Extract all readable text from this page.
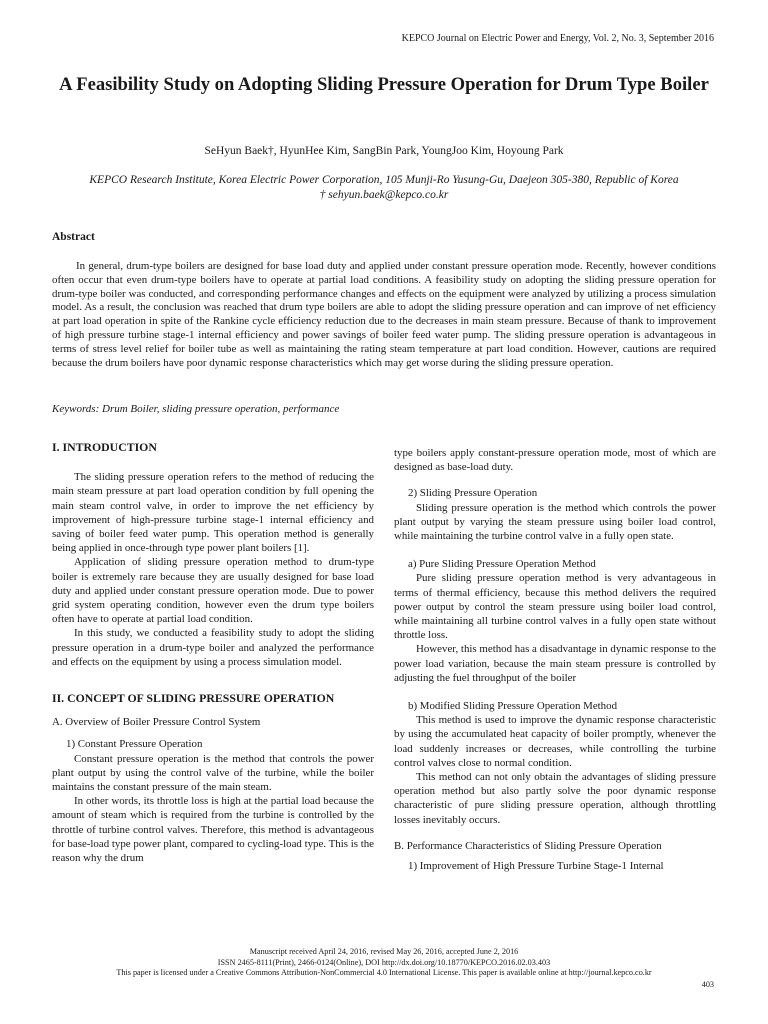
KEPCO Journal on Electric Power and Energy, Vol. 2, No. 3, September 2016
A Feasibility Study on Adopting Sliding Pressure Operation for Drum Type Boiler
SeHyun Baek†, HyunHee Kim, SangBin Park, YoungJoo Kim, Hoyoung Park
KEPCO Research Institute, Korea Electric Power Corporation, 105 Munji-Ro Yusung-Gu, Daejeon 305-380, Republic of Korea
† sehyun.baek@kepco.co.kr
Abstract

In general, drum-type boilers are designed for base load duty and applied under constant pressure operation mode. Recently, however conditions often occur that even drum-type boilers have to operate at partial load conditions. A feasibility study on adopting the sliding pressure operation for drum-type boiler was conducted, and corresponding performance changes and effects on the equipment were analyzed by utilizing a process simulation model. As a result, the conclusion was reached that drum type boilers are able to adopt the sliding pressure operation and can improve of net efficiency at part load operation in spite of the Rankine cycle efficiency reduction due to the decreases in main steam pressure. Because of thank to improvement of high pressure turbine stage-1 internal efficiency and power savings of boiler feed water pump. The sliding pressure operation is advantageous in terms of stress level relief for boiler tube as well as maintaining the rating steam temperature at part load condition. However, cautions are required because the drum boilers have poor dynamic response characteristics which may get worse during the sliding pressure operation.

Keywords: Drum Boiler, sliding pressure operation, performance

I. INTRODUCTION

The sliding pressure operation refers to the method of reducing the main steam pressure at part load operation condition by full opening the main steam control valve, in order to improve the net efficiency by improvement of high-pressure turbine stage-1 internal efficiency and saving of boiler feed water pump. This operation method is generally being applied in once-through type power plant boilers [1].

Application of sliding pressure operation method to drum-type boiler is extremely rare because they are usually designed for base load duty and applied under constant pressure operation mode. Due to power grid system operating condition, however even the drum type boilers often have to operate at partial load condition.

In this study, we conducted a feasibility study to adopt the sliding pressure operation in a drum-type boiler and analyzed the performance and effects on the equipment by using a process simulation model.

II. CONCEPT OF SLIDING PRESSURE OPERATION

A. Overview of Boiler Pressure Control System

1) Constant Pressure Operation

Constant pressure operation is the method that controls the power plant output by using the control valve of the turbine, while the boiler maintains the constant pressure of the main steam.

In other words, its throttle loss is high at the partial load because the amount of steam which is required from the turbine is controlled by the throttle of turbine control valves. Therefore, this method is advantageous for base-load type power plant, compared to cycling-load type. This is the reason why the drum

type boilers apply constant-pressure operation mode, most of which are designed as base-load duty.

2) Sliding Pressure Operation

Sliding pressure operation is the method which controls the power plant output by varying the steam pressure using boiler load control, while maintaining the turbine control valve in a fully open state.

a) Pure Sliding Pressure Operation Method

Pure sliding pressure operation method is very advantageous in terms of thermal efficiency, because this method delivers the required power output by control the steam pressure using boiler load control, while maintaining all turbine control valves in a fully open state without throttle loss.

However, this method has a disadvantage in dynamic response to the power load variation, because the main steam pressure is controlled by adjusting the fuel throughput of the boiler

b) Modified Sliding Pressure Operation Method

This method is used to improve the dynamic response characteristic by using the accumulated heat capacity of boiler promptly, whenever the load suddenly increases or decreases, while controlling the turbine control valves close to normal condition.

This method can not only obtain the advantages of sliding pressure operation method but also partly solve the poor dynamic response characteristic of pure sliding pressure operation, although throttling losses inevitably occurs.

B. Performance Characteristics of Sliding Pressure Operation

1) Improvement of High Pressure Turbine Stage-1 Internal

Manuscript received April 24, 2016, revised May 26, 2016, accepted June 2, 2016
ISSN 2465-8111(Print), 2466-0124(Online), DOI http://dx.doi.org/10.18770/KEPCO.2016.02.03.403
This paper is licensed under a Creative Commons Attribution-NonCommercial 4.0 International License. This paper is available online at http://journal.kepco.co.kr
403
